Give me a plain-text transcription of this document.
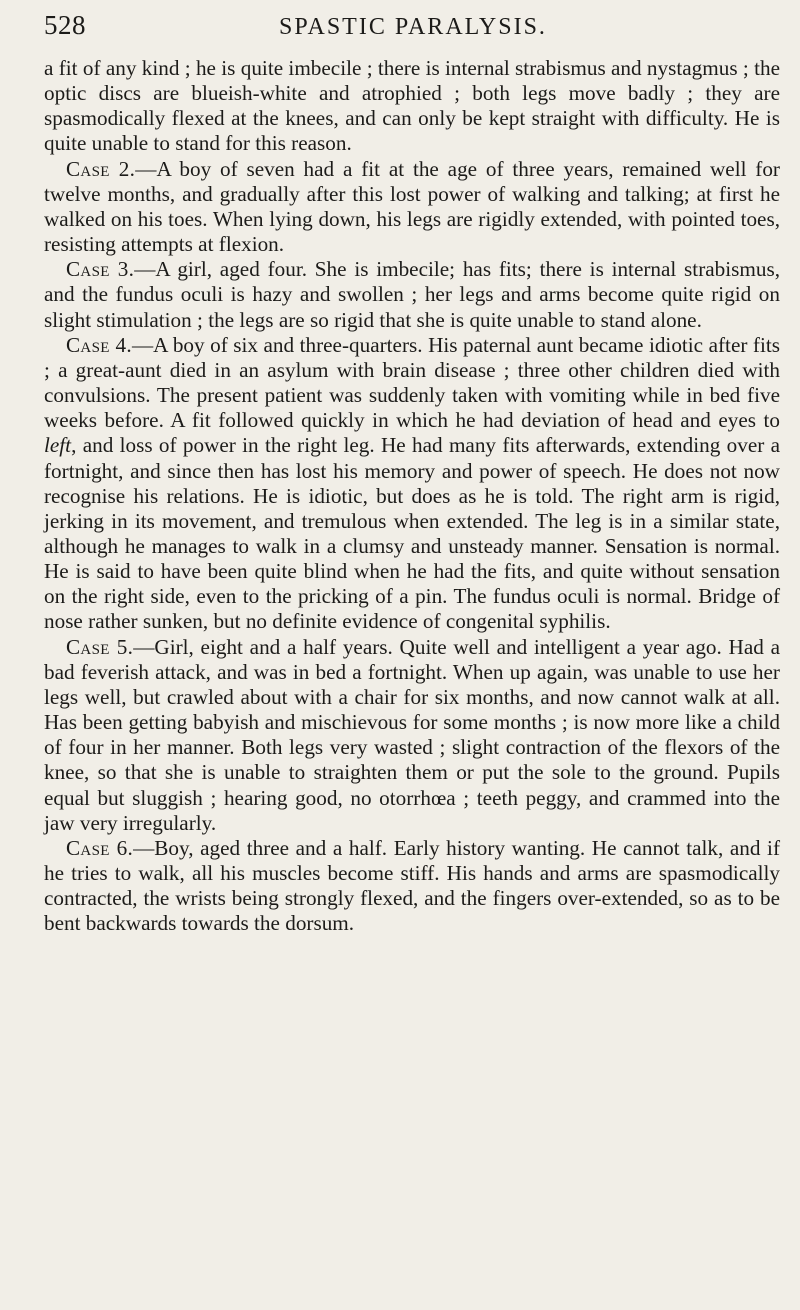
528	SPASTIC PARALYSIS.

a fit of any kind ; he is quite imbecile ; there is internal strabismus and nystagmus ; the optic discs are blueish-white and atrophied ; both legs move badly ; they are spasmodically flexed at the knees, and can only be kept straight with difficulty. He is quite unable to stand for this reason.

Case 2.—A boy of seven had a fit at the age of three years, remained well for twelve months, and gradually after this lost power of walking and talking; at first he walked on his toes. When lying down, his legs are rigidly extended, with pointed toes, resisting attempts at flexion.

Case 3.—A girl, aged four. She is imbecile; has fits; there is internal strabismus, and the fundus oculi is hazy and swollen ; her legs and arms become quite rigid on slight stimulation ; the legs are so rigid that she is quite unable to stand alone.

Case 4.—A boy of six and three-quarters. His paternal aunt became idiotic after fits ; a great-aunt died in an asylum with brain disease ; three other children died with convulsions. The present patient was suddenly taken with vomiting while in bed five weeks before. A fit followed quickly in which he had deviation of head and eyes to left, and loss of power in the right leg. He had many fits afterwards, extending over a fortnight, and since then has lost his memory and power of speech. He does not now recognise his relations. He is idiotic, but does as he is told. The right arm is rigid, jerking in its movement, and tremulous when extended. The leg is in a similar state, although he manages to walk in a clumsy and unsteady manner. Sensation is normal. He is said to have been quite blind when he had the fits, and quite without sensation on the right side, even to the pricking of a pin. The fundus oculi is normal. Bridge of nose rather sunken, but no definite evidence of congenital syphilis.

Case 5.—Girl, eight and a half years. Quite well and intelligent a year ago. Had a bad feverish attack, and was in bed a fortnight. When up again, was unable to use her legs well, but crawled about with a chair for six months, and now cannot walk at all. Has been getting babyish and mischievous for some months ; is now more like a child of four in her manner. Both legs very wasted ; slight contraction of the flexors of the knee, so that she is unable to straighten them or put the sole to the ground. Pupils equal but sluggish ; hearing good, no otorrhœa ; teeth peggy, and crammed into the jaw very irregularly.

Case 6.—Boy, aged three and a half. Early history wanting. He cannot talk, and if he tries to walk, all his muscles become stiff. His hands and arms are spasmodically contracted, the wrists being strongly flexed, and the fingers over-extended, so as to be bent backwards towards the dorsum.
